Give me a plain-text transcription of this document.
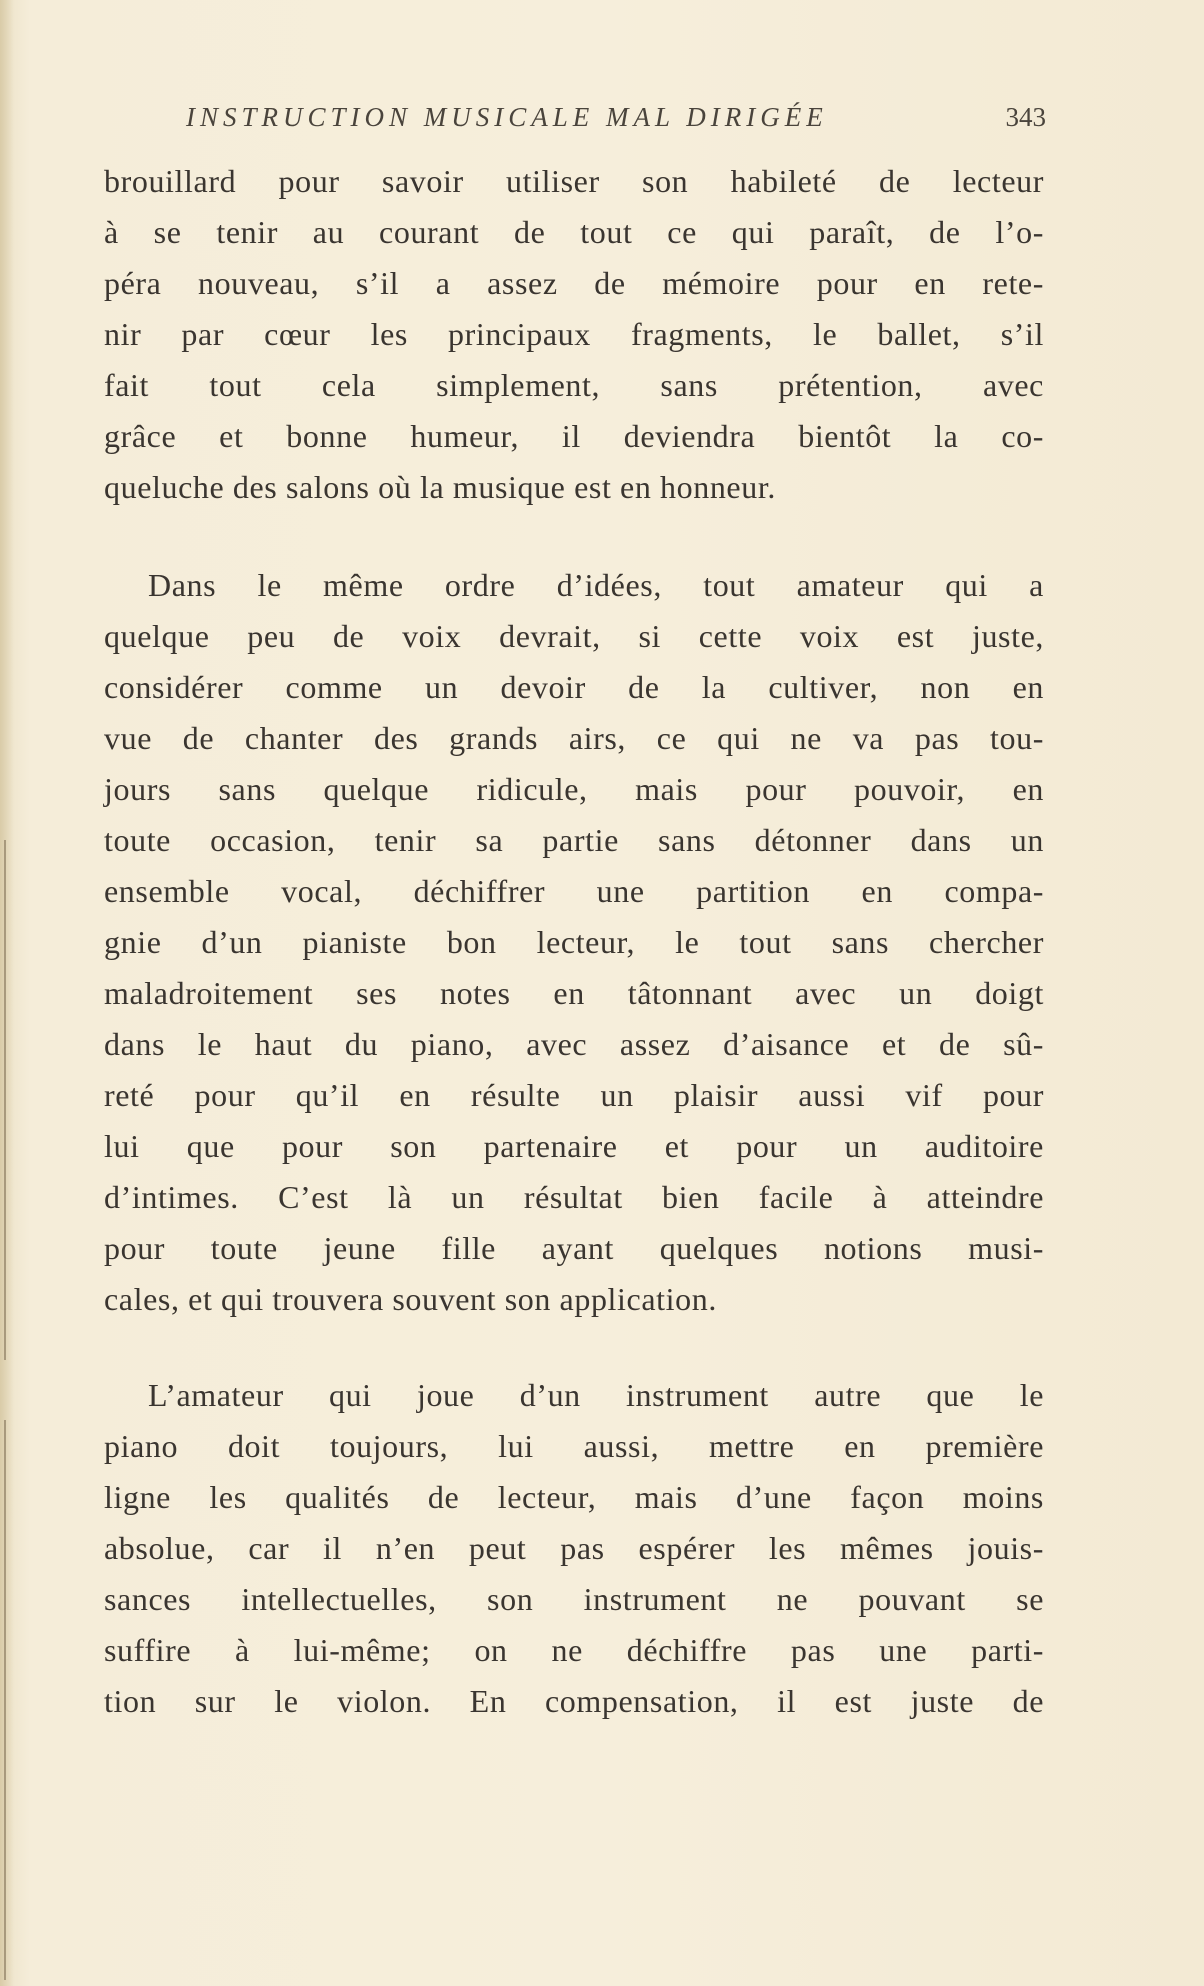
INSTRUCTION MUSICALE MAL DIRIGÉE	343
brouillard pour savoir utiliser son habileté de lecteur
à se tenir au courant de tout ce qui paraît, de l’o-
péra nouveau, s’il a assez de mémoire pour en rete-
nir par cœur les principaux fragments, le ballet, s’il
fait tout cela simplement, sans prétention, avec
grâce et bonne humeur, il deviendra bientôt la co-
queluche des salons où la musique est en honneur.
Dans le même ordre d’idées, tout amateur qui a
quelque peu de voix devrait, si cette voix est juste,
considérer comme un devoir de la cultiver, non en
vue de chanter des grands airs, ce qui ne va pas tou-
jours sans quelque ridicule, mais pour pouvoir, en
toute occasion, tenir sa partie sans détonner dans un
ensemble vocal, déchiffrer une partition en compa-
gnie d’un pianiste bon lecteur, le tout sans chercher
maladroitement ses notes en tâtonnant avec un doigt
dans le haut du piano, avec assez d’aisance et de sû-
reté pour qu’il en résulte un plaisir aussi vif pour
lui que pour son partenaire et pour un auditoire
d’intimes. C’est là un résultat bien facile à atteindre
pour toute jeune fille ayant quelques notions musi-
cales, et qui trouvera souvent son application.
L’amateur qui joue d’un instrument autre que le
piano doit toujours, lui aussi, mettre en première
ligne les qualités de lecteur, mais d’une façon moins
absolue, car il n’en peut pas espérer les mêmes jouis-
sances intellectuelles, son instrument ne pouvant se
suffire à lui-même; on ne déchiffre pas une parti-
tion sur le violon. En compensation, il est juste de
